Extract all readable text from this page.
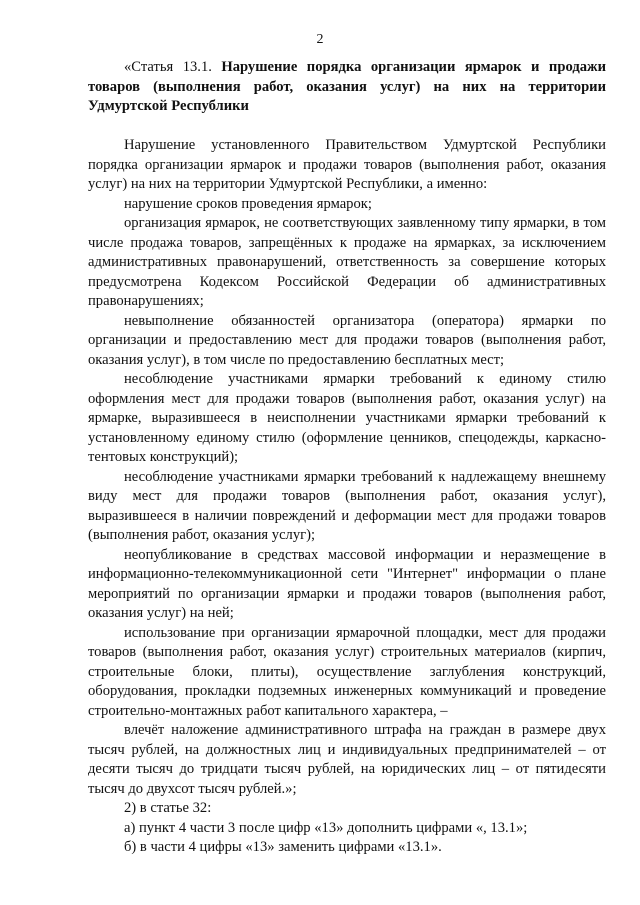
2
«Статья 13.1. Нарушение порядка организации ярмарок и продажи товаров (выполнения работ, оказания услуг) на них на территории Удмуртской Республики

Нарушение установленного Правительством Удмуртской Республики порядка организации ярмарок и продажи товаров (выполнения работ, оказания услуг) на них на территории Удмуртской Республики, а именно:

нарушение сроков проведения ярмарок;

организация ярмарок, не соответствующих заявленному типу ярмарки, в том числе продажа товаров, запрещённых к продаже на ярмарках, за исключением административных правонарушений, ответственность за совершение которых предусмотрена Кодексом Российской Федерации об административных правонарушениях;

невыполнение обязанностей организатора (оператора) ярмарки по организации и предоставлению мест для продажи товаров (выполнения работ, оказания услуг), в том числе по предоставлению бесплатных мест;

несоблюдение участниками ярмарки требований к единому стилю оформления мест для продажи товаров (выполнения работ, оказания услуг) на ярмарке, выразившееся в неисполнении участниками ярмарки требований к установленному единому стилю (оформление ценников, спецодежды, каркасно-тентовых конструкций);

несоблюдение участниками ярмарки требований к надлежащему внешнему виду мест для продажи товаров (выполнения работ, оказания услуг), выразившееся в наличии повреждений и деформации мест для продажи товаров (выполнения работ, оказания услуг);

неопубликование в средствах массовой информации и неразмещение в информационно-телекоммуникационной сети "Интернет" информации о плане мероприятий по организации ярмарки и продажи товаров (выполнения работ, оказания услуг) на ней;

использование при организации ярмарочной площадки, мест для продажи товаров (выполнения работ, оказания услуг) строительных материалов (кирпич, строительные блоки, плиты), осуществление заглубления конструкций, оборудования, прокладки подземных инженерных коммуникаций и проведение строительно-монтажных работ капитального характера, –

влечёт наложение административного штрафа на граждан в размере двух тысяч рублей, на должностных лиц и индивидуальных предпринимателей – от десяти тысяч до тридцати тысяч рублей, на юридических лиц – от пятидесяти тысяч до двухсот тысяч рублей.»;

2) в статье 32:

а) пункт 4 части 3 после цифр «13» дополнить цифрами «, 13.1»;

б) в части 4 цифры «13» заменить цифрами «13.1».
